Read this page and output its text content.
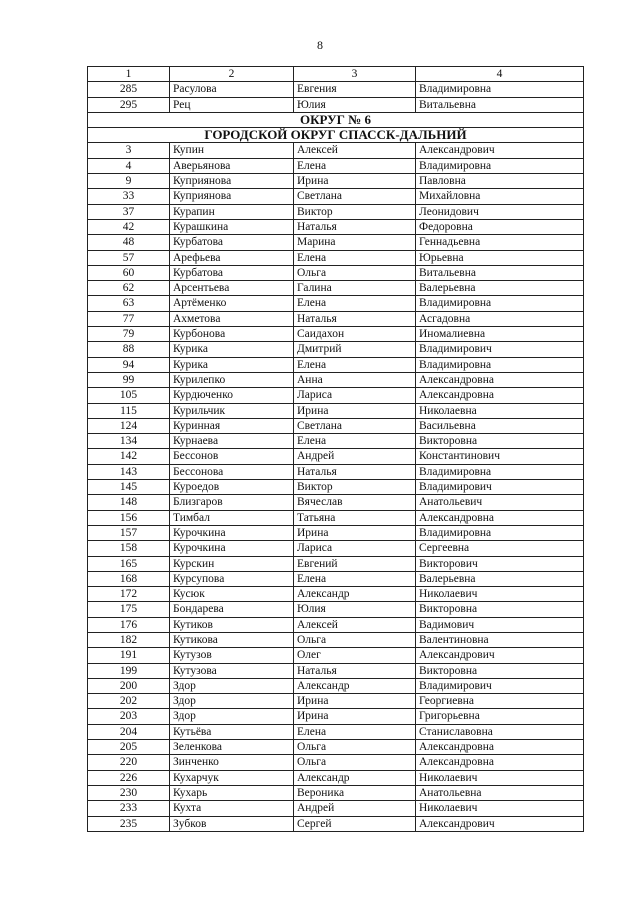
8
1	2	3	4
285	Расулова	Евгения	Владимировна
295	Рец	Юлия	Витальевна
ОКРУГ № 6			
ГОРОДСКОЙ ОКРУГ СПАССК-ДАЛЬНИЙ			
3	Купин	Алексей	Александрович
4	Аверьянова	Елена	Владимировна
9	Куприянова	Ирина	Павловна
33	Куприянова	Светлана	Михайловна
37	Курапин	Виктор	Леонидович
42	Курашкина	Наталья	Федоровна
48	Курбатова	Марина	Геннадьевна
57	Арефьева	Елена	Юрьевна
60	Курбатова	Ольга	Витальевна
62	Арсентьева	Галина	Валерьевна
63	Артёменко	Елена	Владимировна
77	Ахметова	Наталья	Асгадовна
79	Курбонова	Саидахон	Иномалиевна
88	Курика	Дмитрий	Владимирович
94	Курика	Елена	Владимировна
99	Курилепко	Анна	Александровна
105	Курдюченко	Лариса	Александровна
115	Курильчик	Ирина	Николаевна
124	Куринная	Светлана	Васильевна
134	Курнаева	Елена	Викторовна
142	Бессонов	Андрей	Константинович
143	Бессонова	Наталья	Владимировна
145	Куроедов	Виктор	Владимирович
148	Близгаров	Вячеслав	Анатольевич
156	Тимбал	Татьяна	Александровна
157	Курочкина	Ирина	Владимировна
158	Курочкина	Лариса	Сергеевна
165	Курскин	Евгений	Викторович
168	Курсупова	Елена	Валерьевна
172	Кусюк	Александр	Николаевич
175	Бондарева	Юлия	Викторовна
176	Кутиков	Алексей	Вадимович
182	Кутикова	Ольга	Валентиновна
191	Кутузов	Олег	Александрович
199	Кутузова	Наталья	Викторовна
200	Здор	Александр	Владимирович
202	Здор	Ирина	Георгиевна
203	Здор	Ирина	Григорьевна
204	Кутьёва	Елена	Станиславовна
205	Зеленкова	Ольга	Александровна
220	Зинченко	Ольга	Александровна
226	Кухарчук	Александр	Николаевич
230	Кухарь	Вероника	Анатольевна
233	Кухта	Андрей	Николаевич
235	Зубков	Сергей	Александрович
